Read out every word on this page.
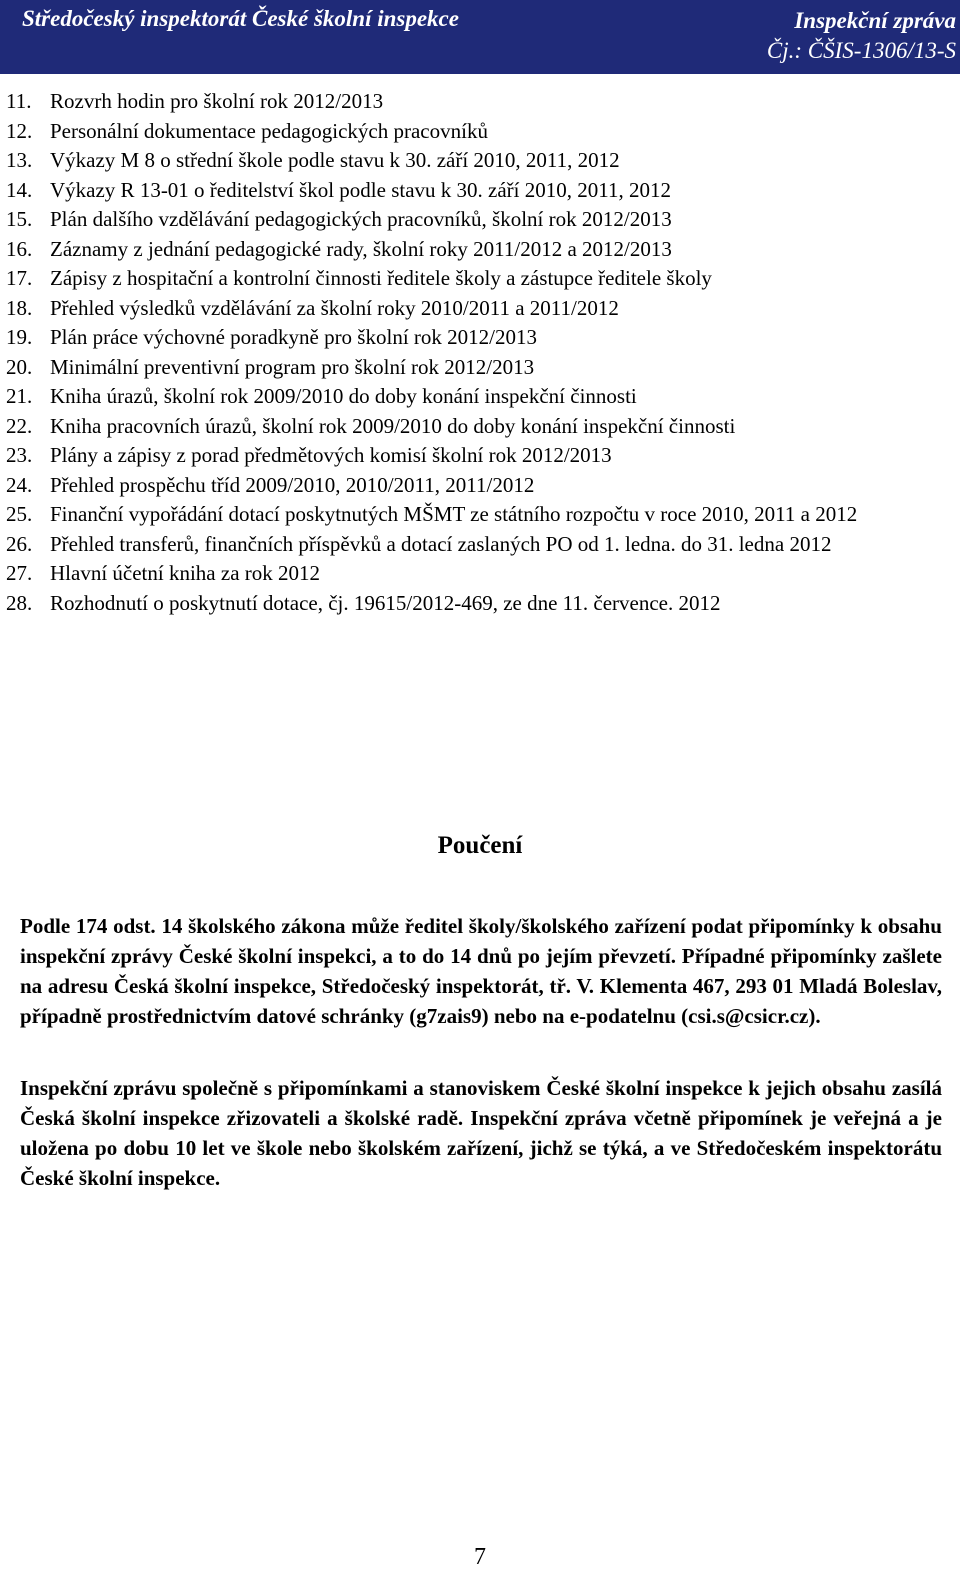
Středočeský inspektorát České školní inspekce	Inspekční zpráva
Čj.: ČŠIS-1306/13-S
11. Rozvrh hodin pro školní rok 2012/2013
12. Personální dokumentace pedagogických pracovníků
13. Výkazy M 8 o střední škole podle stavu k 30. září 2010, 2011, 2012
14. Výkazy R 13-01 o ředitelství škol podle stavu k 30. září 2010, 2011, 2012
15. Plán dalšího vzdělávání pedagogických pracovníků, školní rok 2012/2013
16. Záznamy z jednání pedagogické rady, školní roky 2011/2012 a 2012/2013
17. Zápisy z hospitační a kontrolní činnosti ředitele školy a zástupce ředitele školy
18. Přehled výsledků vzdělávání za školní roky 2010/2011 a 2011/2012
19. Plán práce výchovné poradkyně pro školní rok 2012/2013
20. Minimální preventivní program pro školní rok 2012/2013
21. Kniha úrazů, školní rok 2009/2010 do doby konání inspekční činnosti
22. Kniha pracovních úrazů, školní rok 2009/2010 do doby konání inspekční činnosti
23. Plány a zápisy z porad předmětových komisí školní rok 2012/2013
24. Přehled prospěchu tříd 2009/2010, 2010/2011, 2011/2012
25. Finanční vypořádání dotací poskytnutých MŠMT ze státního rozpočtu v roce 2010, 2011 a 2012
26. Přehled transferů, finančních příspěvků a dotací zaslaných PO od 1. ledna. do 31. ledna 2012
27. Hlavní účetní kniha za rok 2012
28. Rozhodnutí o poskytnutí dotace, čj. 19615/2012-469, ze dne 11. července. 2012
Poučení

Podle 174 odst. 14 školského zákona může ředitel školy/školského zařízení podat připomínky k obsahu inspekční zprávy České školní inspekci, a to do 14 dnů po jejím převzetí. Případné připomínky zašlete na adresu Česká školní inspekce, Středočeský inspektorát, tř. V. Klementa 467, 293 01 Mladá Boleslav, případně prostřednictvím datové schránky (g7zais9) nebo na e-podatelnu (csi.s@csicr.cz).

Inspekční zprávu společně s připomínkami a stanoviskem České školní inspekce k jejich obsahu zasílá Česká školní inspekce zřizovateli a školské radě. Inspekční zpráva včetně připomínek je veřejná a je uložena po dobu 10 let ve škole nebo školském zařízení, jichž se týká, a ve Středočeském inspektorátu České školní inspekce.

7
